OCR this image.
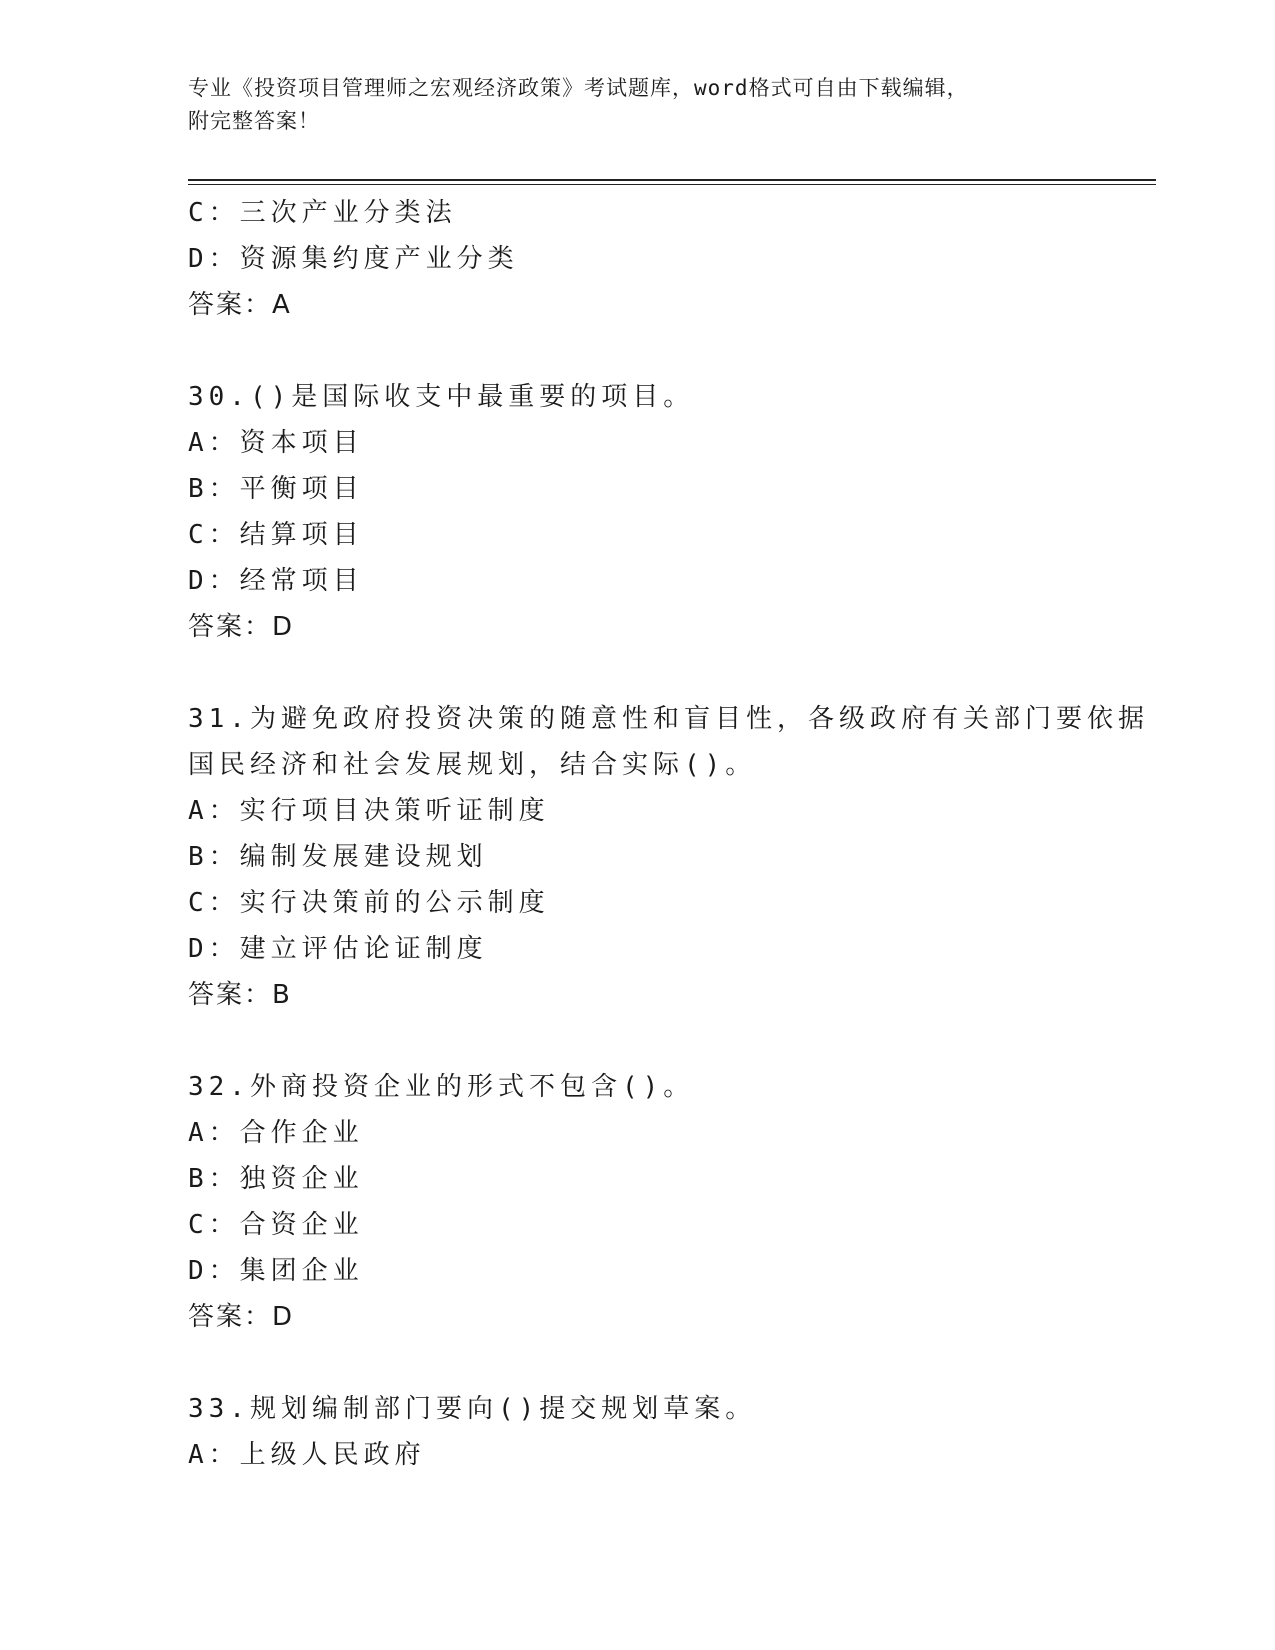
专业《投资项目管理师之宏观经济政策》考试题库，word格式可自由下载编辑，
附完整答案！
C：三次产业分类法
D：资源集约度产业分类
答案：A
30.()是国际收支中最重要的项目。
A：资本项目
B：平衡项目
C：结算项目
D：经常项目
答案：D
31.为避免政府投资决策的随意性和盲目性，各级政府有关部门要依据
国民经济和社会发展规划，结合实际()。
A：实行项目决策听证制度
B：编制发展建设规划
C：实行决策前的公示制度
D：建立评估论证制度
答案：B
32.外商投资企业的形式不包含()。
A：合作企业
B：独资企业
C：合资企业
D：集团企业
答案：D
33.规划编制部门要向()提交规划草案。
A：上级人民政府
